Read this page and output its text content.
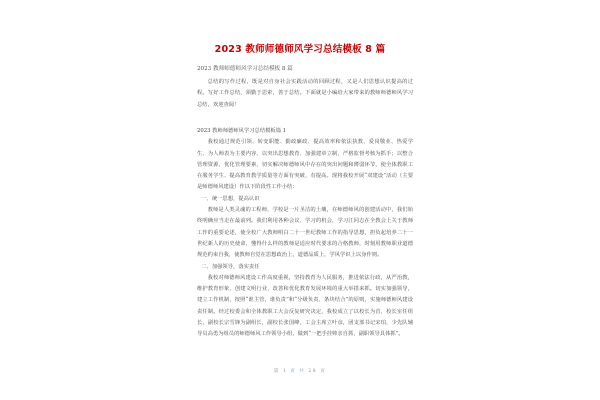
2023 教师师德师风学习总结模板 8 篇
2023 教师师德师风学习总结模板 8 篇

总结的写作过程，既是对自身社会实践活动的回顾过程，又是人们思想认识提高的过程。写好工作总结，须勤于思索，善于总结。下面就是小编给大家带来的教师师德师风学习总结，欢迎查阅！

2023 教师师德师风学习总结模板篇 1

我校通过规范引领、转变职能、勤政廉政、提高效率和依法执教、爱岗敬业、热爱学生、为人师表为主要内容，以突出思想教育、加强建章立制，严格监督考核为抓手；以整合管理资源，优化管理要素，切实解决师德师风中存在的突出问题和薄弱环节，使全体教职工在服务学生、提高教育教学质量等方面有突破、有提高。现将我校开展“双建设”活动（主要是师德师风建设）作以下阶段性工作小结：

一、统一思想，提高认识

教师是人类灵魂的工程师，学校是一片圣洁的土壤，在师德师风的创建活动中，我们始终明确应当走在最前列。我们利用各种会议、学习的机会，学习江同志在全教会上关于教师工作的重要论述，使全校广大教师明白二十一世纪教师工作的指导思想，担负起培养二十一世纪新人的历史使命，懂得什么样的教师是适应时代要求的合格教师，时刻用教师职业道德规范约束自我，使教师自觉在思想政治上，道德品质上，学风学识上以身作则。

二、加强领导，落实责任

我校对师德师风建设工作高度重视，坚持教育为人民服务，推进依法行政，从严治教，维护教育形象，创建文明行业，改善和优化教育发展环境的重大举措来抓。切实加强领导，建立工作机制，按照“谁主管，谁负责”和“分级负责、条块结合”的原则，实施师德师风建设责任制。经过校委会和全体教职工大会反复研究决定，我校成立了以校长为首，校长室任组长，副校长宗雪锋为副组长，副校长张国峰，工会主席立叶彦，团支部书记宋珀，少先队辅导员高勇为组员的师德师风工作领导小组，做到“一把手挂帅亲自抓，副职领导具体抓”。

第 1 页 共 28 页
